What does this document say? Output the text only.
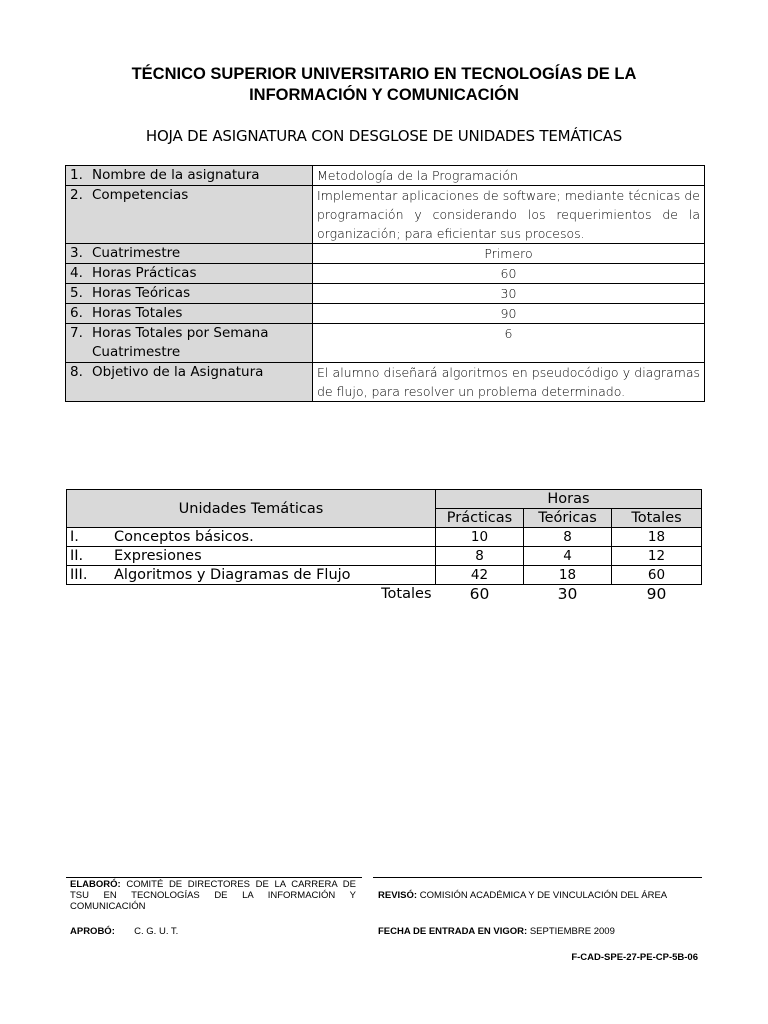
TÉCNICO SUPERIOR UNIVERSITARIO EN TECNOLOGÍAS DE LA
INFORMACIÓN Y COMUNICACIÓN
HOJA DE ASIGNATURA CON DESGLOSE DE UNIDADES TEMÁTICAS
1. Nombre de la asignatura	Metodología de la Programación
2. Competencias	Implementar aplicaciones de software; mediante técnicas de programación y considerando los requerimientos de la organización; para eficientar sus procesos.
3. Cuatrimestre	Primero
4. Horas Prácticas	60
5. Horas Teóricas	30
6. Horas Totales	90
7. Horas Totales por Semana Cuatrimestre	6
8. Objetivo de la Asignatura	El alumno diseñará algoritmos en pseudocódigo y diagramas de flujo, para resolver un problema determinado.
Unidades Temáticas	Horas		
	Prácticas	Teóricas	Totales
I. Conceptos básicos.	10	8	18
II. Expresiones	8	4	12
III. Algoritmos y Diagramas de Flujo	42	18	60
Totales	60	30	90
ELABORÓ: COMITÉ DE DIRECTORES DE LA CARRERA DE TSU EN TECNOLOGÍAS DE LA INFORMACIÓN Y COMUNICACIÓN
REVISÓ: COMISIÓN ACADÉMICA Y DE VINCULACIÓN DEL ÁREA
APROBÓ: C. G. U. T.	FECHA DE ENTRADA EN VIGOR: SEPTIEMBRE 2009
F-CAD-SPE-27-PE-CP-5B-06
